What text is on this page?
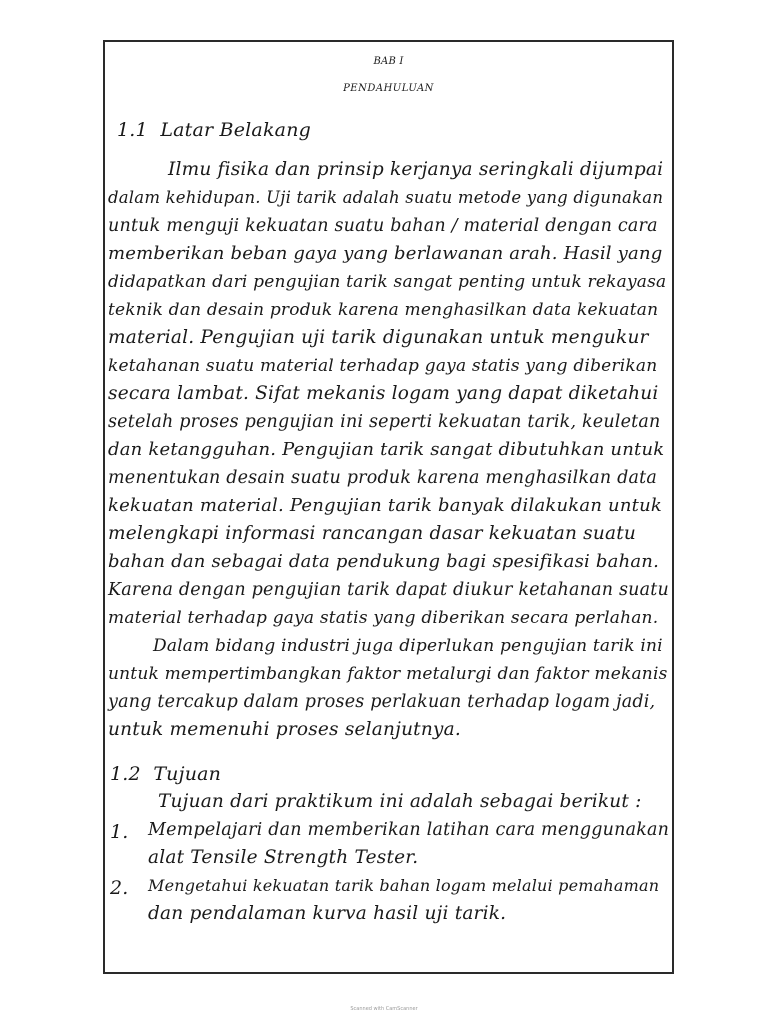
BAB I
PENDAHULUAN
1.1 Latar Belakang
Ilmu fisika dan prinsip kerjanya seringkali dijumpai
dalam kehidupan. Uji tarik adalah suatu metode yang digunakan
untuk menguji kekuatan suatu bahan / material dengan cara
memberikan beban gaya yang berlawanan arah. Hasil yang
didapatkan dari pengujian tarik sangat penting untuk rekayasa
teknik dan desain produk karena menghasilkan data kekuatan
material. Pengujian uji tarik digunakan untuk mengukur
ketahanan suatu material terhadap gaya statis yang diberikan
secara lambat. Sifat mekanis logam yang dapat diketahui
setelah proses pengujian ini seperti kekuatan tarik, keuletan
dan ketangguhan. Pengujian tarik sangat dibutuhkan untuk
menentukan desain suatu produk karena menghasilkan data
kekuatan material. Pengujian tarik banyak dilakukan untuk
melengkapi informasi rancangan dasar kekuatan suatu
bahan dan sebagai data pendukung bagi spesifikasi bahan.
Karena dengan pengujian tarik dapat diukur ketahanan suatu
material terhadap gaya statis yang diberikan secara perlahan.
Dalam bidang industri juga diperlukan pengujian tarik ini
untuk mempertimbangkan faktor metalurgi dan faktor mekanis
yang tercakup dalam proses perlakuan terhadap logam jadi,
untuk memenuhi proses selanjutnya.
1.2 Tujuan
Tujuan dari praktikum ini adalah sebagai berikut :
1. Mempelajari dan memberikan latihan cara menggunakan
alat Tensile Strength Tester.
2. Mengetahui kekuatan tarik bahan logam melalui pemahaman
dan pendalaman kurva hasil uji tarik.
Scanned with CamScanner
